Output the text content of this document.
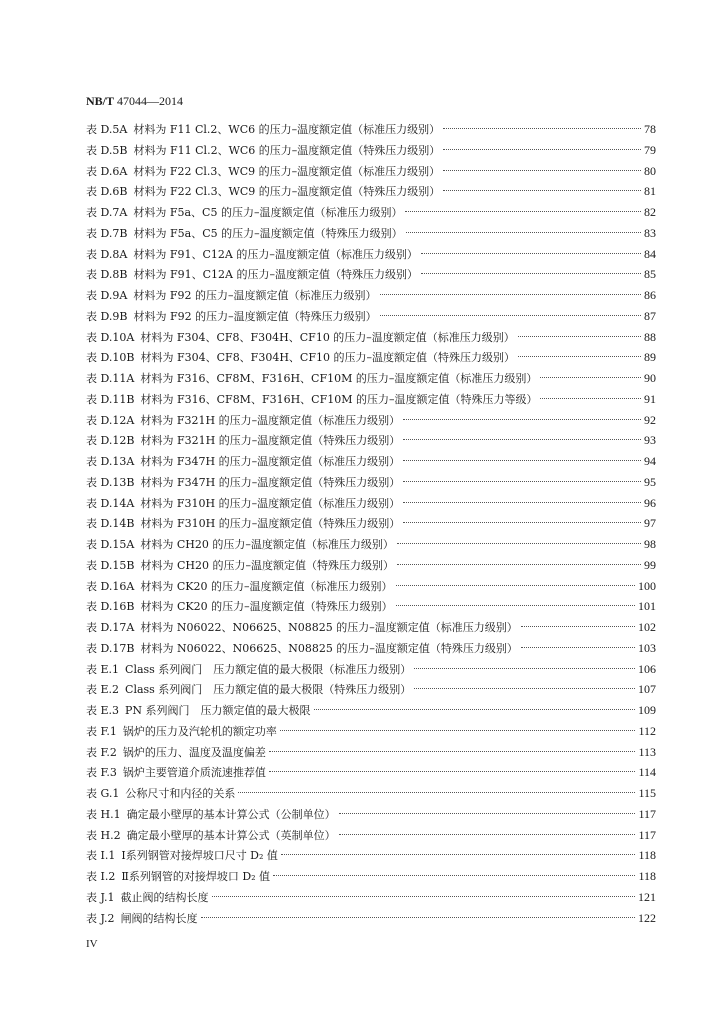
NB/T 47044—2014
表 D.5A 材料为 F11 Cl.2、WC6 的压力–温度额定值（标准压力级别）	78
表 D.5B 材料为 F11 Cl.2、WC6 的压力–温度额定值（特殊压力级别）	79
表 D.6A 材料为 F22 Cl.3、WC9 的压力–温度额定值（标准压力级别）	80
表 D.6B 材料为 F22 Cl.3、WC9 的压力–温度额定值（特殊压力级别）	81
表 D.7A 材料为 F5a、C5 的压力–温度额定值（标准压力级别）	82
表 D.7B 材料为 F5a、C5 的压力–温度额定值（特殊压力级别）	83
表 D.8A 材料为 F91、C12A 的压力–温度额定值（标准压力级别）	84
表 D.8B 材料为 F91、C12A 的压力–温度额定值（特殊压力级别）	85
表 D.9A 材料为 F92 的压力–温度额定值（标准压力级别）	86
表 D.9B 材料为 F92 的压力–温度额定值（特殊压力级别）	87
表 D.10A 材料为 F304、CF8、F304H、CF10 的压力–温度额定值（标准压力级别）	88
表 D.10B 材料为 F304、CF8、F304H、CF10 的压力–温度额定值（特殊压力级别）	89
表 D.11A 材料为 F316、CF8M、F316H、CF10M 的压力–温度额定值（标准压力级别）	90
表 D.11B 材料为 F316、CF8M、F316H、CF10M 的压力–温度额定值（特殊压力等级）	91
表 D.12A 材料为 F321H 的压力–温度额定值（标准压力级别）	92
表 D.12B 材料为 F321H 的压力–温度额定值（特殊压力级别）	93
表 D.13A 材料为 F347H 的压力–温度额定值（标准压力级别）	94
表 D.13B 材料为 F347H 的压力–温度额定值（特殊压力级别）	95
表 D.14A 材料为 F310H 的压力–温度额定值（标准压力级别）	96
表 D.14B 材料为 F310H 的压力–温度额定值（特殊压力级别）	97
表 D.15A 材料为 CH20 的压力–温度额定值（标准压力级别）	98
表 D.15B 材料为 CH20 的压力–温度额定值（特殊压力级别）	99
表 D.16A 材料为 CK20 的压力–温度额定值（标准压力级别）	100
表 D.16B 材料为 CK20 的压力–温度额定值（特殊压力级别）	101
表 D.17A 材料为 N06022、N06625、N08825 的压力–温度额定值（标准压力级别）	102
表 D.17B 材料为 N06022、N06625、N08825 的压力–温度额定值（特殊压力级别）	103
表 E.1 Class 系列阀门　压力额定值的最大极限（标准压力级别）	106
表 E.2 Class 系列阀门　压力额定值的最大极限（特殊压力级别）	107
表 E.3 PN 系列阀门　压力额定值的最大极限	109
表 F.1 锅炉的压力及汽轮机的额定功率	112
表 F.2 锅炉的压力、温度及温度偏差	113
表 F.3 锅炉主要管道介质流速推荐值	114
表 G.1 公称尺寸和内径的关系	115
表 H.1 确定最小壁厚的基本计算公式（公制单位）	117
表 H.2 确定最小壁厚的基本计算公式（英制单位）	117
表 I.1 Ⅰ系列钢管对接焊坡口尺寸 D₂ 值	118
表 I.2 Ⅱ系列钢管的对接焊坡口 D₂ 值	118
表 J.1 截止阀的结构长度	121
表 J.2 闸阀的结构长度	122
IV
